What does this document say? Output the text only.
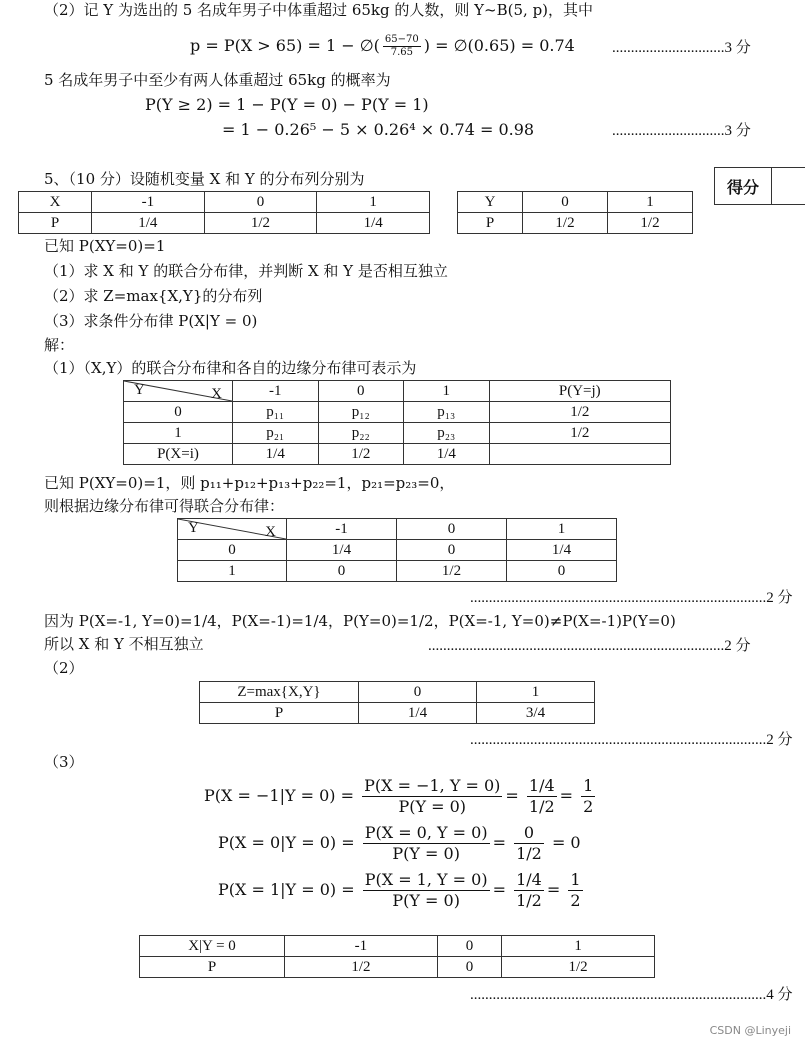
（2）记 Y 为选出的 5 名成年男子中体重超过 65kg 的人数，则 Y~B(5, p)，其中
p = P(X > 65) = 1 − ∅( $\frac{65-70}{7.65}$ ) = ∅(0.65) = 0.74 ..............................3 分
5 名成年男子中至少有两人体重超过 65kg 的概率为
P(Y ≥ 2) = 1 − P(Y = 0) − P(Y = 1)
= 1 − 0.26⁵ − 5 × 0.26⁴ × 0.74 = 0.98	..............................3 分
5、（10 分）设随机变量 X 和 Y 的分布列分别为	得分
X	-1	0	1
P	1/4	1/2	1/4
Y	0	1
P	1/2	1/2
已知 P(XY=0)=1
（1）求 X 和 Y 的联合分布律，并判断 X 和 Y 是否相互独立
（2）求 Z=max{X,Y}的分布列
（3）求条件分布律 P(X|Y = 0)
解：
（1）（X,Y）的联合分布律和各自的边缘分布律可表示为
Y X	-1	0	1	P(Y=j)
0	p₁₁	p₁₂	p₁₃	1/2
1	p₂₁	p₂₂	p₂₃	1/2
P(X=i)	1/4	1/2	1/4	
已知 P(XY=0)=1，则 p₁₁+p₁₂+p₁₃+p₂₂=1，p₂₁=p₂₃=0，
则根据边缘分布律可得联合分布律：
Y X	-1	0	1
0	1/4	0	1/4
1	0	1/2	0
...............................................................................2 分
因为 P(X=-1, Y=0)=1/4，P(X=-1)=1/4，P(Y=0)=1/2，P(X=-1, Y=0)≠P(X=-1)P(Y=0)
所以 X 和 Y 不相互独立	...............................................................................2 分
（2）
Z=max{X,Y}	0	1
P	1/4	3/4
...............................................................................2 分
（3）
$P(X = -1|Y = 0) = \frac{P(X = -1, Y = 0)}{P(Y = 0)} = \frac{1/4}{1/2} = \frac{1}{2}$
$P(X = 0|Y = 0) = \frac{P(X = 0, Y = 0)}{P(Y = 0)} = \frac{0}{1/2} = 0$
$P(X = 1|Y = 0) = \frac{P(X = 1, Y = 0)}{P(Y = 0)} = \frac{1/4}{1/2} = \frac{1}{2}$
X|Y = 0	-1	0	1
P	1/2	0	1/2
...............................................................................4 分
CSDN @Linyeji
